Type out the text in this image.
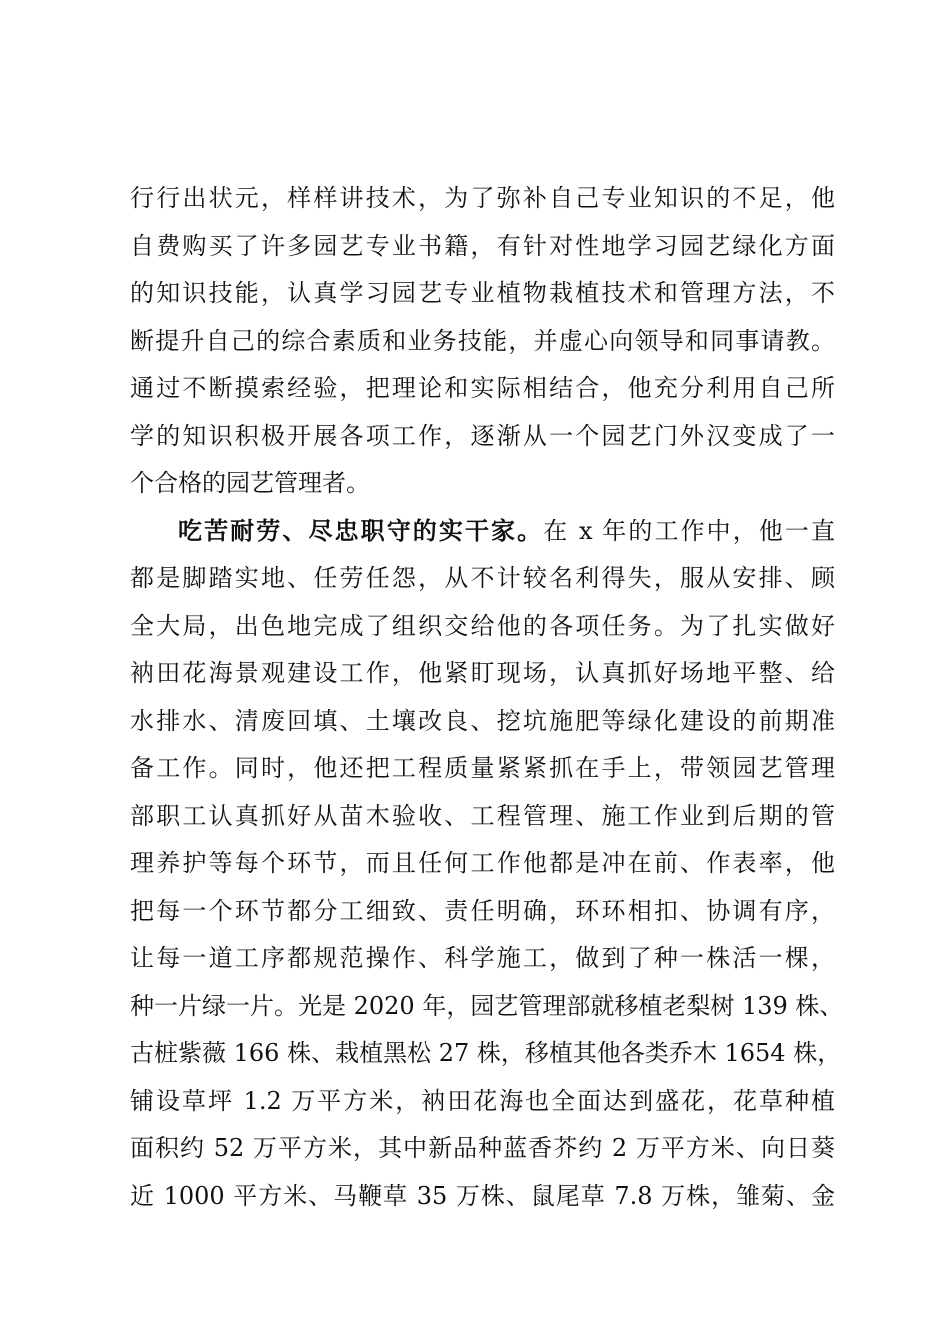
行行出状元，样样讲技术，为了弥补自己专业知识的不足，他
自费购买了许多园艺专业书籍，有针对性地学习园艺绿化方面
的知识技能，认真学习园艺专业植物栽植技术和管理方法，不
断提升自己的综合素质和业务技能，并虚心向领导和同事请教。
通过不断摸索经验，把理论和实际相结合，他充分利用自己所
学的知识积极开展各项工作，逐渐从一个园艺门外汉变成了一
个合格的园艺管理者。
吃苦耐劳、尽忠职守的实干家。在 x 年的工作中，他一直
都是脚踏实地、任劳任怨，从不计较名利得失，服从安排、顾
全大局，出色地完成了组织交给他的各项任务。为了扎实做好
衲田花海景观建设工作，他紧盯现场，认真抓好场地平整、给
水排水、清废回填、土壤改良、挖坑施肥等绿化建设的前期准
备工作。同时，他还把工程质量紧紧抓在手上，带领园艺管理
部职工认真抓好从苗木验收、工程管理、施工作业到后期的管
理养护等每个环节，而且任何工作他都是冲在前、作表率，他
把每一个环节都分工细致、责任明确，环环相扣、协调有序，
让每一道工序都规范操作、科学施工，做到了种一株活一棵，
种一片绿一片。光是 2020 年，园艺管理部就移植老梨树 139 株、
古桩紫薇 166 株、栽植黑松 27 株，移植其他各类乔木 1654 株，
铺设草坪 1.2 万平方米，衲田花海也全面达到盛花，花草种植
面积约 52 万平方米，其中新品种蓝香芥约 2 万平方米、向日葵
近 1000 平方米、马鞭草 35 万株、鼠尾草 7.8 万株，雏菊、金
